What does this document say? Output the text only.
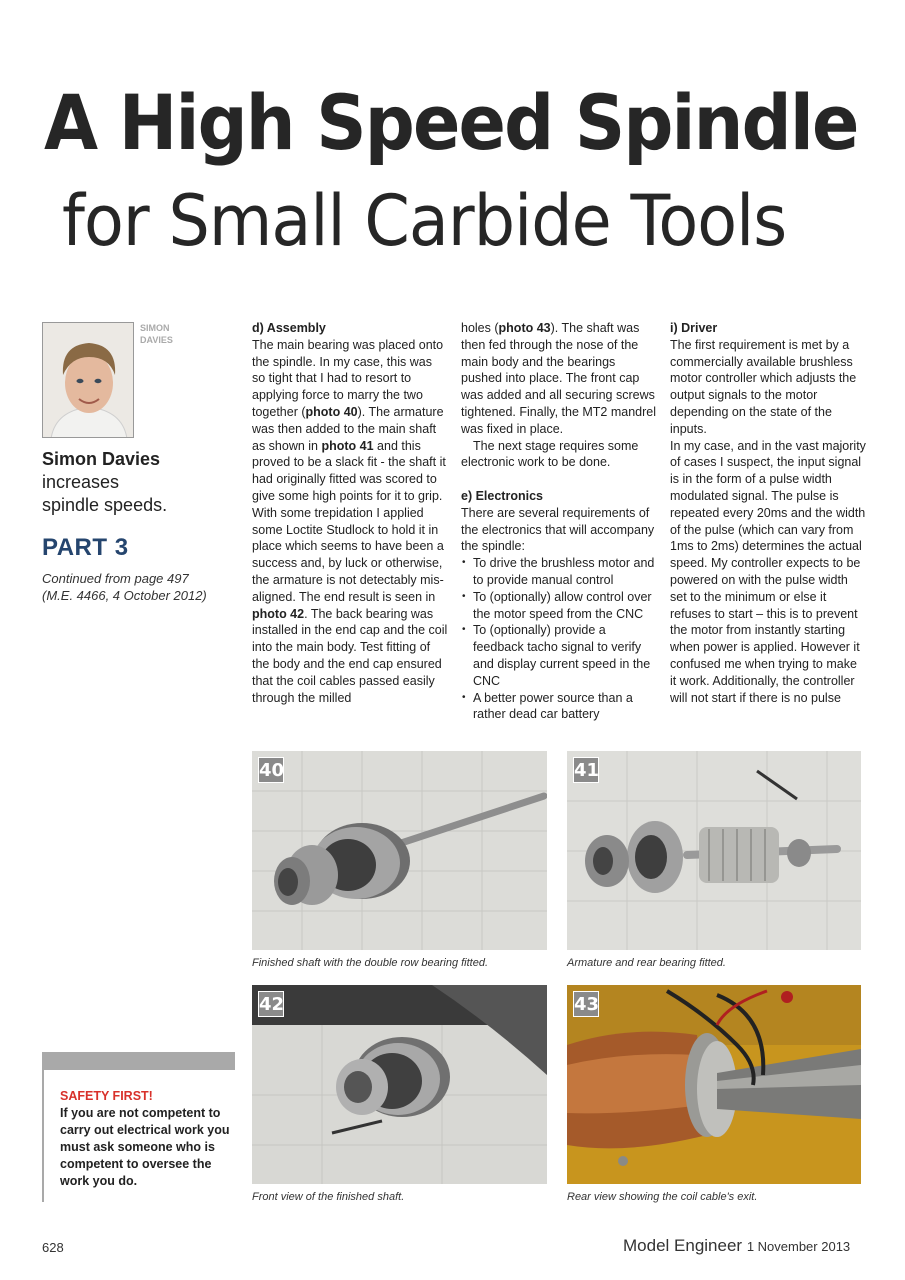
A High Speed Spindle
for Small Carbide Tools
SIMON
DAVIES
Simon Davies
increases
spindle speeds.
PART 3
Continued from page 497
(M.E. 4466, 4 October 2012)

d) Assembly

The main bearing was placed onto the spindle. In my case, this was so tight that I had to resort to applying force to marry the two together (photo 40). The armature was then added to the main shaft as shown in photo 41 and this proved to be a slack fit - the shaft it had originally fitted was scored to give some high points for it to grip. With some trepidation I applied some Loctite Studlock to hold it in place which seems to have been a success and, by luck or otherwise, the armature is not detectably mis-aligned. The end result is seen in photo 42. The back bearing was installed in the end cap and the coil into the main body. Test fitting of the body and the end cap ensured that the coil cables passed easily through the milled

holes (photo 43). The shaft was then fed through the nose of the main body and the bearings pushed into place. The front cap was added and all securing screws tightened. Finally, the MT2 mandrel was fixed in place.

The next stage requires some electronic work to be done.

e) Electronics

There are several requirements of the electronics that will accompany the spindle:

• To drive the brushless motor and to provide manual control
• To (optionally) allow control over the motor speed from the CNC
• To (optionally) provide a feedback tacho signal to verify and display current speed in the CNC
• A better power source than a rather dead car battery

i) Driver

The first requirement is met by a commercially available brushless motor controller which adjusts the output signals to the motor depending on the state of the inputs.

In my case, and in the vast majority of cases I suspect, the input signal is in the form of a pulse width modulated signal. The pulse is repeated every 20ms and the width of the pulse (which can vary from 1ms to 2ms) determines the actual speed. My controller expects to be powered on with the pulse width set to the minimum or else it refuses to start – this is to prevent the motor from instantly starting when power is applied. However it confused me when trying to make it work. Additionally, the controller will not start if there is no pulse

40
Finished shaft with the double row bearing fitted.
41
Armature and rear bearing fitted.
42
Front view of the finished shaft.
43
Rear view showing the coil cable's exit.
SAFETY FIRST!
If you are not competent to carry out electrical work you must ask someone who is competent to oversee the work you do.
628	Model Engineer 1 November 2013
